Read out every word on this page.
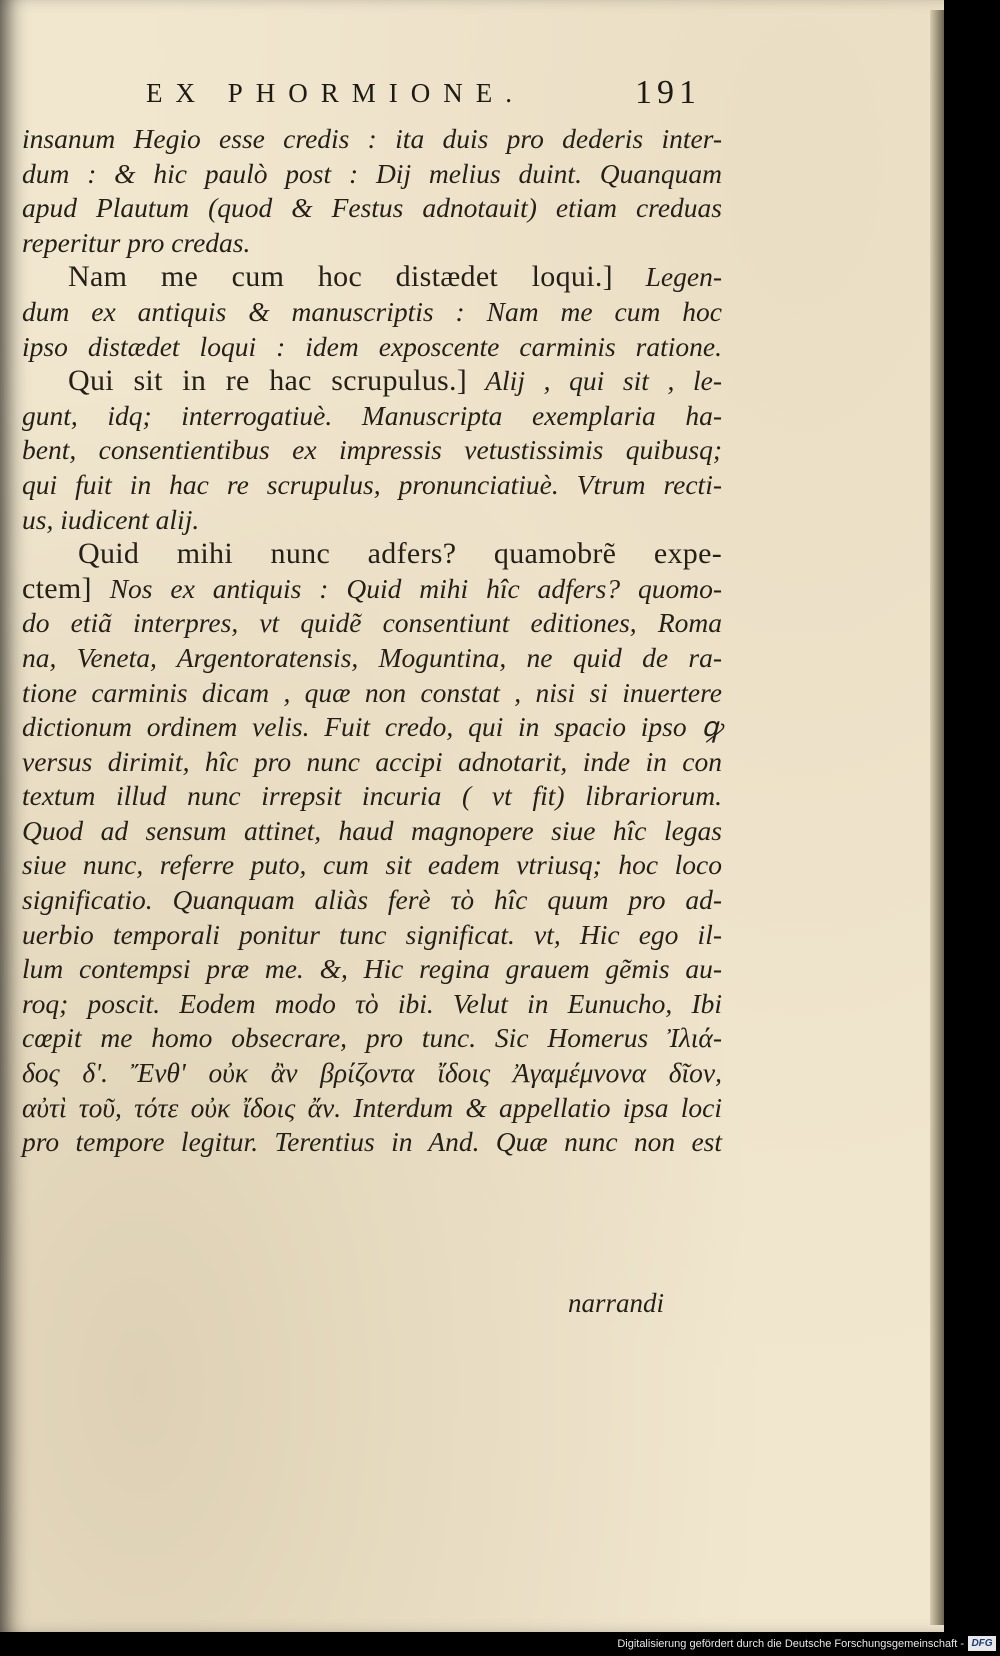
EX PHORMIONE.	191

insanum Hegio esse credis : ita duis pro dederis inter-
dum : & hic paulò post : Dij melius duint. Quanquam
apud Plautum (quod & Festus adnotauit) etiam creduas
reperitur pro credas.

Nam me cum hoc distædet loqui.] Legen-
dum ex antiquis & manuscriptis : Nam me cum hoc
ipso distædet loqui : idem exposcente carminis ratione.

Qui sit in re hac scrupulus.] Alij , qui sit , le-
gunt, idq; interrogatiuè. Manuscripta exemplaria ha-
bent, consentientibus ex impressis vetustissimis quibusq;
qui fuit in hac re scrupulus, pronunciatiuè. Vtrum recti-
us, iudicent alij.

Quid mihi nunc adfers? quamobrẽ expe-
ctem] Nos ex antiquis : Quid mihi hîc adfers? quomo-
do etiã interpres, vt quidẽ consentiunt editiones, Roma
na, Veneta, Argentoratensis, Moguntina, ne quid de ra-
tione carminis dicam , quæ non constat , nisi si inuertere
dictionum ordinem velis. Fuit credo, qui in spacio ipso ꝙ
versus dirimit, hîc pro nunc accipi adnotarit, inde in con
textum illud nunc irrepsit incuria ( vt fit) librariorum.
Quod ad sensum attinet, haud magnopere siue hîc legas
siue nunc, referre puto, cum sit eadem vtriusq; hoc loco
significatio. Quanquam aliàs ferè τὸ hîc quum pro ad-
uerbio temporali ponitur tunc significat. vt, Hic ego il-
lum contempsi præ me. &, Hic regina grauem gẽmis au-
roq; poscit. Eodem modo τὸ ibi. Velut in Eunucho, Ibi
cœpit me homo obsecrare, pro tunc. Sic Homerus Ἰλιά-
δος δ'. Ἔνθ' οὐκ ἂν βρίζοντα ἴδοις Ἀγαμέμνονα δῖον,
αὐτὶ τοῦ, τότε οὐκ ἴδοις ἄν. Interdum & appellatio ipsa loci
pro tempore legitur. Terentius in And. Quæ nunc non est

narrandi
Digitalisierung gefördert durch die Deutsche Forschungsgemeinschaft - DFG
